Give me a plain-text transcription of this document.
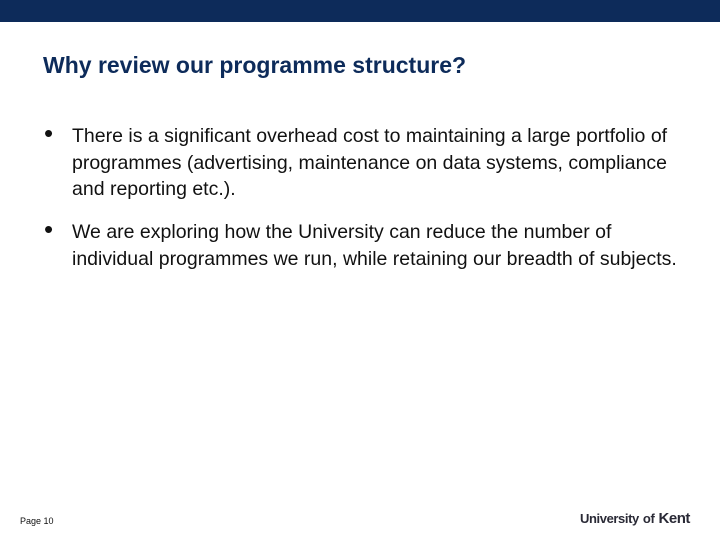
Why review our programme structure?
• There is a significant overhead cost to maintaining a large portfolio of programmes (advertising, maintenance on data systems, compliance and reporting etc.).
• We are exploring how the University can reduce the number of individual programmes we run, while retaining our breadth of subjects.
Page 10	University of Kent
